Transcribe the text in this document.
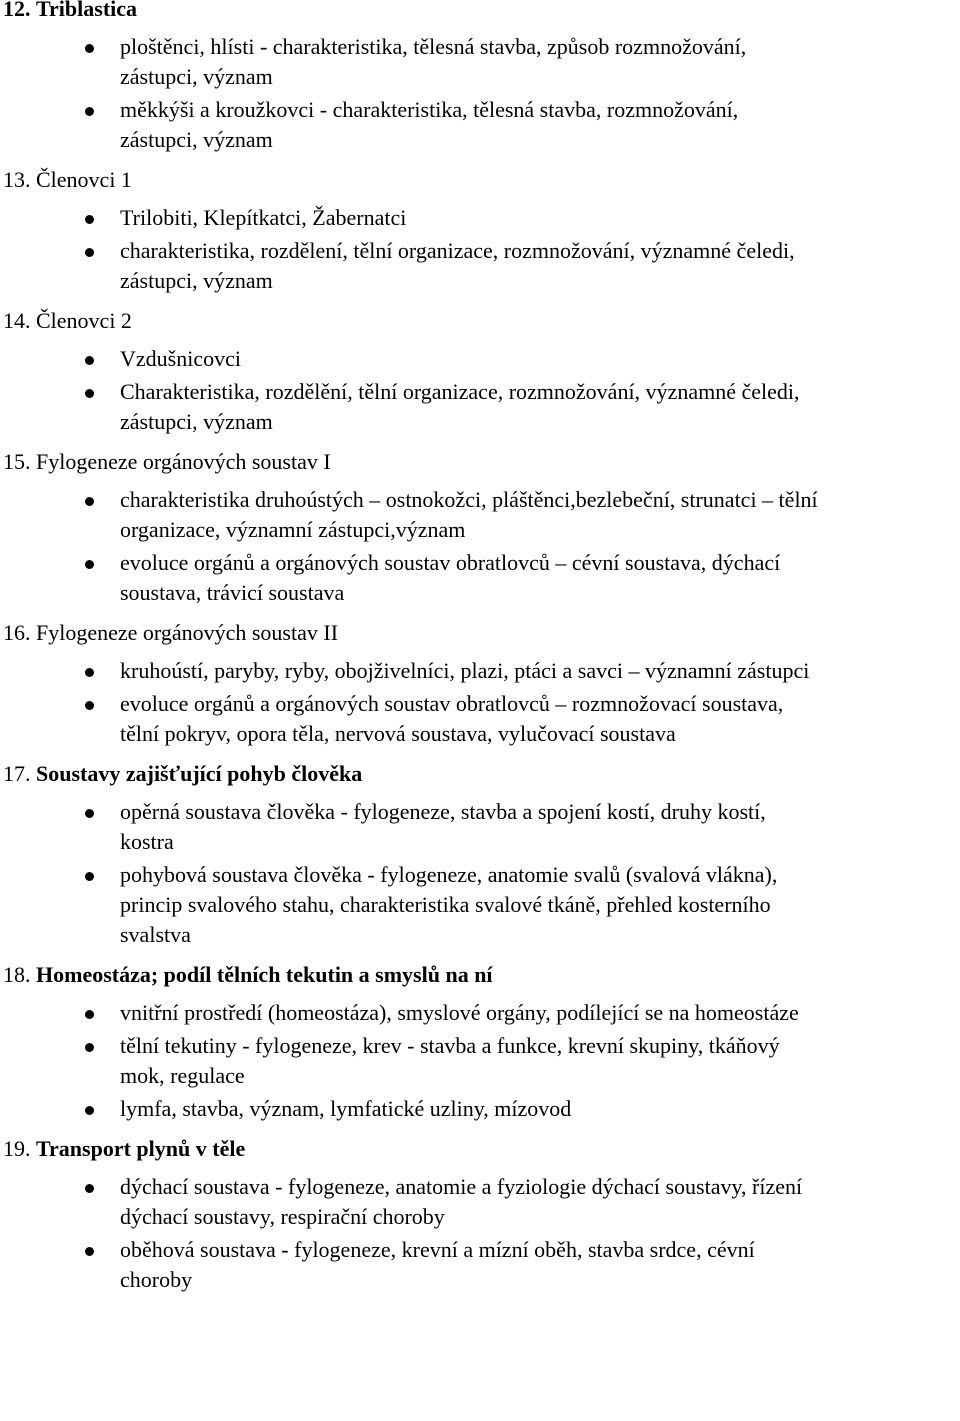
12. Triblastica
ploštěnci, hlísti - charakteristika, tělesná stavba, způsob rozmnožování,
zástupci, význam
měkkýši a kroužkovci - charakteristika, tělesná stavba, rozmnožování,
zástupci, význam
13. Členovci 1
Trilobiti, Klepítkatci, Žabernatci
charakteristika, rozdělení, tělní organizace, rozmnožování, významné čeledi,
zástupci, význam
14. Členovci 2
Vzdušnicovci
Charakteristika, rozdělění, tělní organizace, rozmnožování, významné čeledi,
zástupci, význam
15. Fylogeneze orgánových soustav I
charakteristika druhoústých – ostnokožci, pláštěnci,bezlebeční, strunatci – tělní
organizace, významní zástupci,význam
evoluce orgánů a orgánových soustav obratlovců – cévní soustava, dýchací
soustava, trávicí soustava
16. Fylogeneze orgánových soustav II
kruhoústí, paryby, ryby, obojživelníci, plazi, ptáci a savci – významní zástupci
evoluce orgánů a orgánových soustav obratlovců – rozmnožovací soustava,
tělní pokryv, opora těla, nervová soustava, vylučovací soustava
17. Soustavy zajišťující pohyb člověka
opěrná soustava člověka - fylogeneze, stavba a spojení kostí, druhy kostí,
kostra
pohybová soustava člověka - fylogeneze, anatomie svalů (svalová vlákna),
princip svalového stahu, charakteristika svalové tkáně, přehled kosterního
svalstva
18. Homeostáza; podíl tělních tekutin a smyslů na ní
vnitřní prostředí (homeostáza), smyslové orgány, podílející se na homeostáze
tělní tekutiny - fylogeneze, krev - stavba a funkce, krevní skupiny, tkáňový
mok, regulace
lymfa, stavba, význam, lymfatické uzliny, mízovod
19. Transport plynů v těle
dýchací soustava - fylogeneze, anatomie a fyziologie dýchací soustavy, řízení
dýchací soustavy, respirační choroby
oběhová soustava - fylogeneze, krevní a mízní oběh, stavba srdce, cévní
choroby
